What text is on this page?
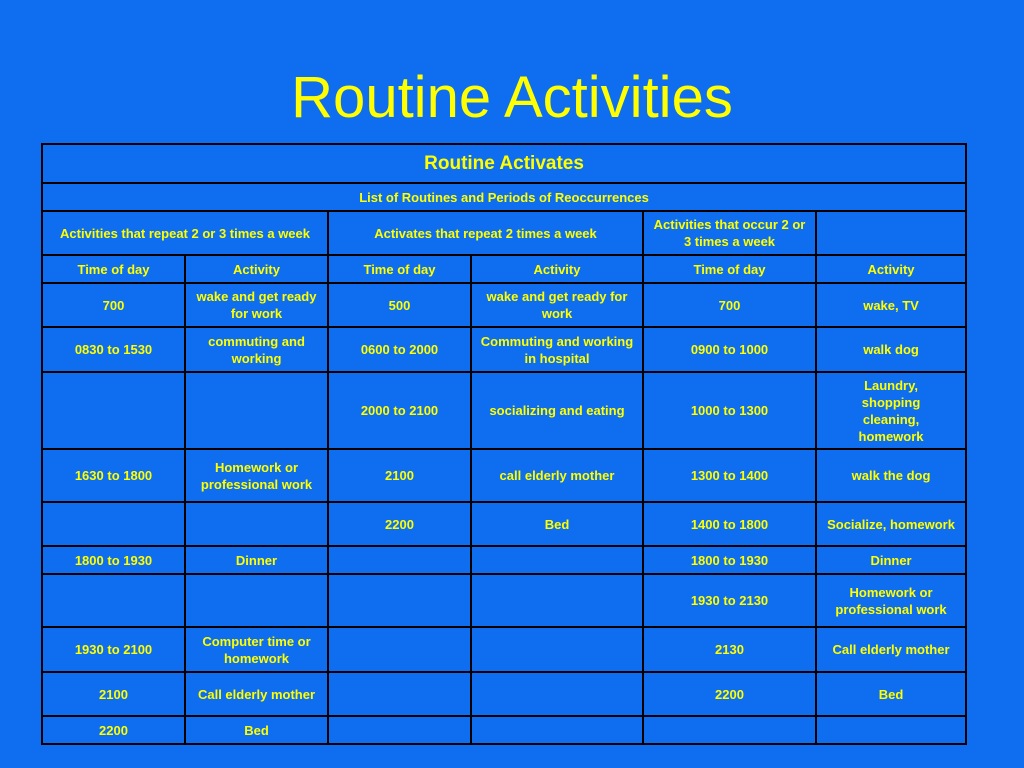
Routine Activities
Routine Activates					
List of Routines and Periods of Reoccurrences					
Activities that repeat 2 or 3 times a week		Activates that repeat 2 times a week		Activities that occur 2 or 3 times a week	
Time of day	Activity	Time of day	Activity	Time of day	Activity
700	wake and get ready for work	500	wake and get ready for work	700	wake, TV
0830 to 1530	commuting and working	0600 to 2000	Commuting and working in hospital	0900 to 1000	walk dog
		2000 to 2100	socializing and eating	1000 to 1300	Laundry, shopping cleaning, homework
1630 to 1800	Homework or professional work	2100	call elderly mother	1300 to 1400	walk the dog
		2200	Bed	1400 to 1800	Socialize, homework
1800 to 1930	Dinner			1800 to 1930	Dinner
				1930 to 2130	Homework or professional work
1930 to 2100	Computer time or homework			2130	Call elderly mother
2100	Call elderly mother			2200	Bed
2200	Bed				
